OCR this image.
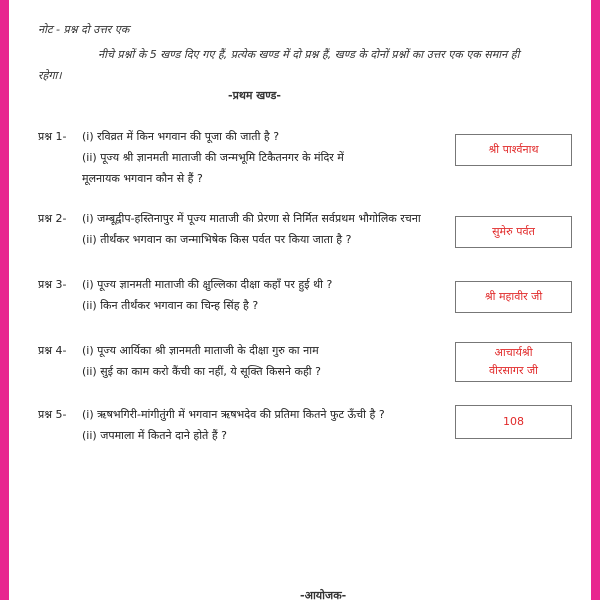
नोट - प्रश्न दो उत्तर एक
नीचे प्रश्नों के 5 खण्ड दिए गए हैं, प्रत्येक खण्ड में दो प्रश्न हैं, खण्ड के दोनों प्रश्नों का उत्तर एक एक समान ही रहेगा।
-प्रथम खण्ड-
प्रश्न 1- (i) रविव्रत में किन भगवान की पूजा की जाती है ?
(ii) पूज्य श्री ज्ञानमती माताजी की जन्मभूमि टिकैतनगर के मंदिर में
मूलनायक भगवान कौन से हैं ?
प्रश्न 2- (i) जम्बूद्वीप-हस्तिनापुर में पूज्य माताजी की प्रेरणा से निर्मित सर्वप्रथम भौगोलिक रचना
(ii) तीर्थंकर भगवान का जन्माभिषेक किस पर्वत पर किया जाता है ?
प्रश्न 3- (i) पूज्य ज्ञानमती माताजी की क्षुल्लिका दीक्षा कहाँ पर हुई थी ?
(ii) किन तीर्थंकर भगवान का चिन्ह सिंह है ?
प्रश्न 4- (i) पूज्य आर्यिका श्री ज्ञानमती माताजी के दीक्षा गुरु का नाम
(ii) सुई का काम करो कैंची का नहीं, ये सूक्ति किसने कही ?
प्रश्न 5- (i) ऋषभगिरी-मांगीतुंगी में भगवान ऋषभदेव की प्रतिमा कितने फुट ऊँची है ?
(ii) जपमाला में कितने दाने होते हैं ?
-आयोजक-
श्री पार्श्वनाथ
सुमेरु पर्वत
श्री महावीर जी
आचार्यश्री
वीरसागर जी
108
